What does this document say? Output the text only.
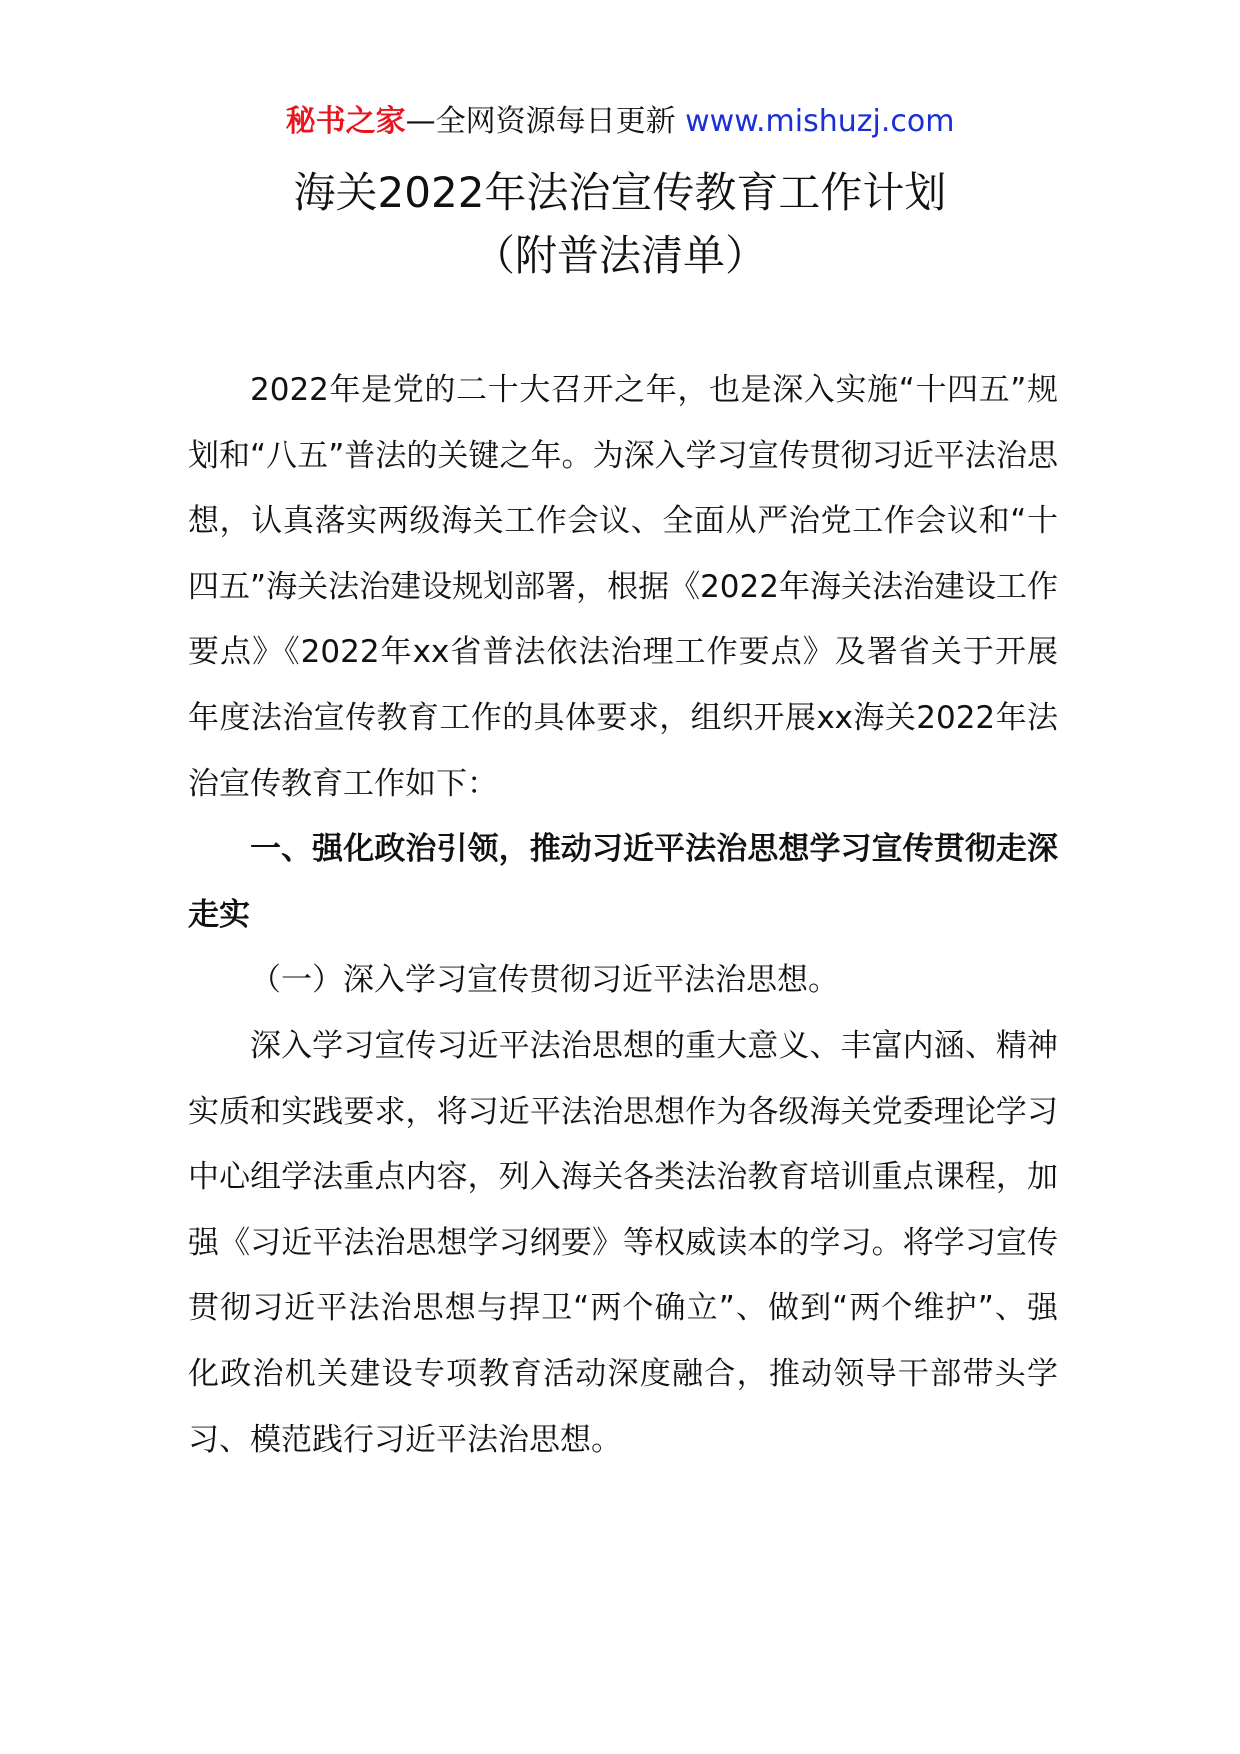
秘书之家—全网资源每日更新 www.mishuzj.com
海关2022年法治宣传教育工作计划
（附普法清单）

2022年是党的二十大召开之年，也是深入实施“十四五”规划和“八五”普法的关键之年。为深入学习宣传贯彻习近平法治思想，认真落实两级海关工作会议、全面从严治党工作会议和“十四五”海关法治建设规划部署，根据《2022年海关法治建设工作要点》《2022年xx省普法依法治理工作要点》及署省关于开展年度法治宣传教育工作的具体要求，组织开展xx海关2022年法治宣传教育工作如下：

一、强化政治引领，推动习近平法治思想学习宣传贯彻走深走实

（一）深入学习宣传贯彻习近平法治思想。

深入学习宣传习近平法治思想的重大意义、丰富内涵、精神实质和实践要求，将习近平法治思想作为各级海关党委理论学习中心组学法重点内容，列入海关各类法治教育培训重点课程，加强《习近平法治思想学习纲要》等权威读本的学习。将学习宣传贯彻习近平法治思想与捍卫“两个确立”、做到“两个维护”、强化政治机关建设专项教育活动深度融合，推动领导干部带头学习、模范践行习近平法治思想。
